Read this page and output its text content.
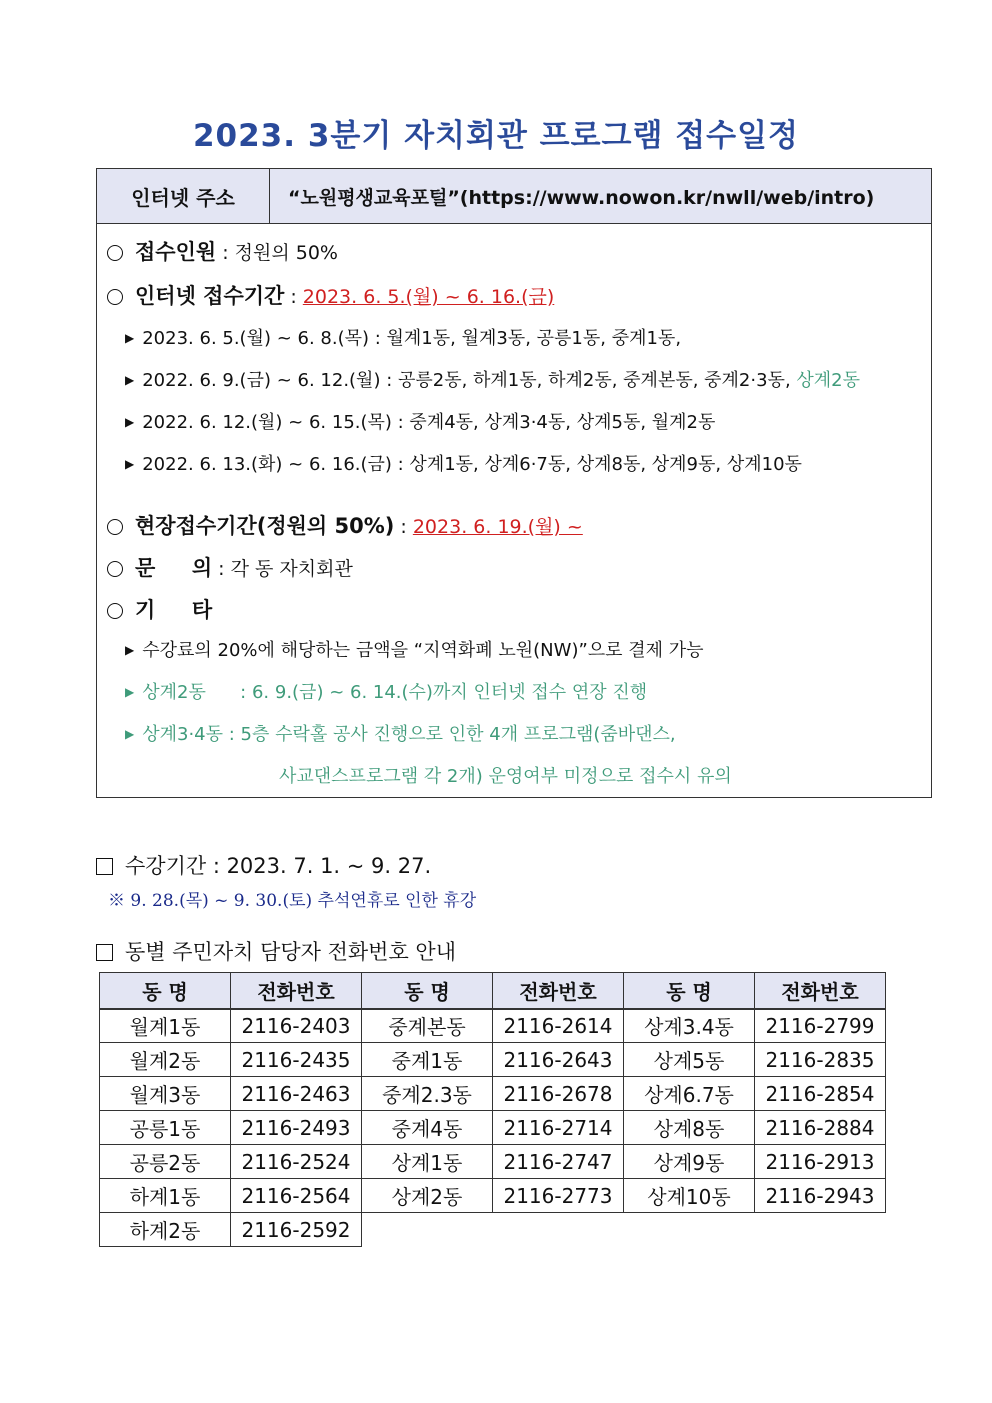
2023. 3분기 자치회관 프로그램 접수일정
인터넷 주소	“노원평생교육포털”(https://www.nowon.kr/nwll/web/intro)
접수인원 : 정원의 50%
인터넷 접수기간 : 2023. 6. 5.(월) ~ 6. 16.(금)
▶ 2023. 6. 5.(월) ~ 6. 8.(목) : 월계1동, 월계3동, 공릉1동, 중계1동,
▶ 2022. 6. 9.(금) ~ 6. 12.(월) : 공릉2동, 하계1동, 하계2동, 중계본동, 중계2·3동, 상계2동
▶ 2022. 6. 12.(월) ~ 6. 15.(목) : 중계4동, 상계3·4동, 상계5동, 월계2동
▶ 2022. 6. 13.(화) ~ 6. 16.(금) : 상계1동, 상계6·7동, 상계8동, 상계9동, 상계10동
현장접수기간(정원의 50%) : 2023. 6. 19.(월) ~
문     의 : 각 동 자치회관
기     타
▶ 수강료의 20%에 해당하는 금액을 “지역화폐 노원(NW)”으로 결제 가능
▶ 상계2동      : 6. 9.(금) ~ 6. 14.(수)까지 인터넷 접수 연장 진행
▶ 상계3·4동 : 5층 수락홀 공사 진행으로 인한 4개 프로그램(줌바댄스,
사교댄스프로그램 각 2개) 운영여부 미정으로 접수시 유의
수강기간 : 2023. 7. 1. ~ 9. 27.
※ 9. 28.(목) ~ 9. 30.(토) 추석연휴로 인한 휴강
동별 주민자치 담당자 전화번호 안내
동 명	전화번호	동 명	전화번호	동 명	전화번호
월계1동	2116-2403	중계본동	2116-2614	상계3.4동	2116-2799
월계2동	2116-2435	중계1동	2116-2643	상계5동	2116-2835
월계3동	2116-2463	중계2.3동	2116-2678	상계6.7동	2116-2854
공릉1동	2116-2493	중계4동	2116-2714	상계8동	2116-2884
공릉2동	2116-2524	상계1동	2116-2747	상계9동	2116-2913
하계1동	2116-2564	상계2동	2116-2773	상계10동	2116-2943
하계2동	2116-2592				
